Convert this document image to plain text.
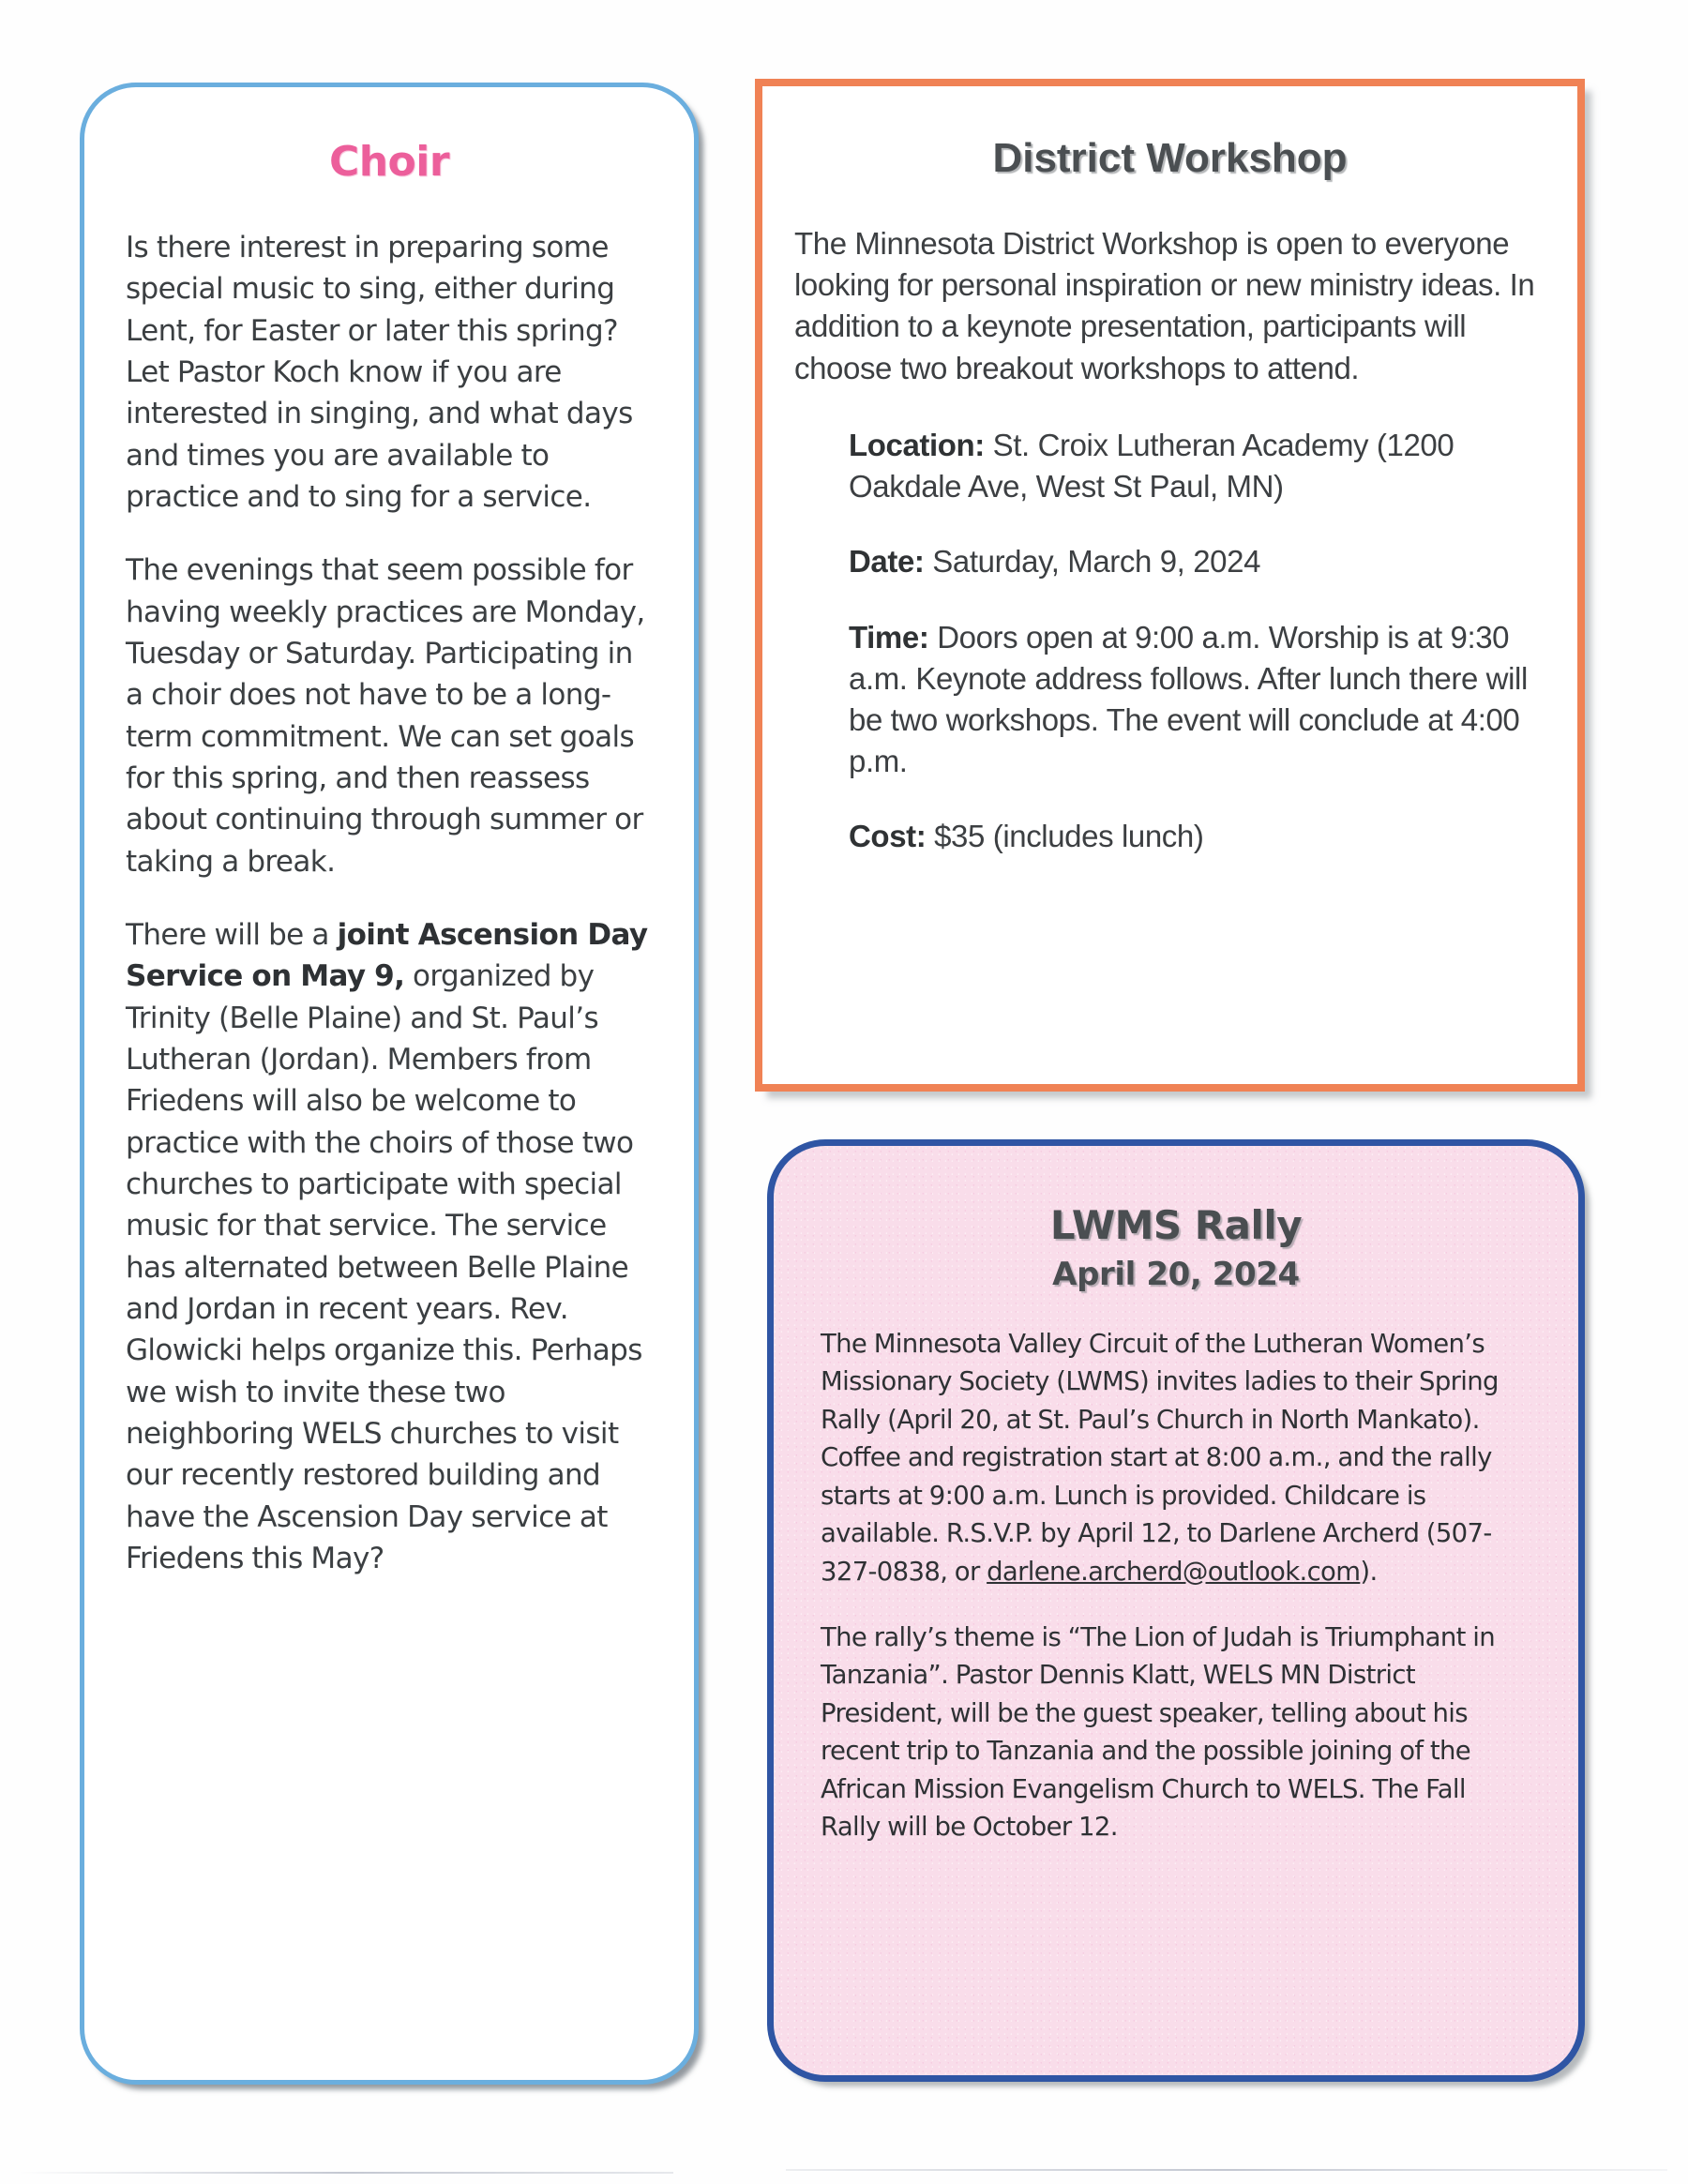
Choir

Is there interest in preparing some special music to sing, either during Lent, for Easter or later this spring? Let Pastor Koch know if you are interested in singing, and what days and times you are available to practice and to sing for a service.

The evenings that seem possible for having weekly practices are Monday, Tuesday or Saturday. Participating in a choir does not have to be a long-term commitment. We can set goals for this spring, and then reassess about continuing through summer or taking a break.

There will be a joint Ascension Day Service on May 9, organized by Trinity (Belle Plaine) and St. Paul’s Lutheran (Jordan). Members from Friedens will also be welcome to practice with the choirs of those two churches to participate with special music for that service. The service has alternated between Belle Plaine and Jordan in recent years. Rev. Glowicki helps organize this. Perhaps we wish to invite these two neighboring WELS churches to visit our recently restored building and have the Ascension Day service at Friedens this May?

District Workshop

The Minnesota District Workshop is open to everyone looking for personal inspiration or new ministry ideas. In addition to a keynote presentation, participants will choose two breakout workshops to attend.

Location: St. Croix Lutheran Academy (1200 Oakdale Ave, West St Paul, MN)

Date: Saturday, March 9, 2024

Time: Doors open at 9:00 a.m. Worship is at 9:30 a.m. Keynote address follows. After lunch there will be two workshops. The event will conclude at 4:00 p.m.

Cost: $35 (includes lunch)

LWMS Rally
April 20, 2024

The Minnesota Valley Circuit of the Lutheran Women’s Missionary Society (LWMS) invites ladies to their Spring Rally (April 20, at St. Paul’s Church in North Mankato). Coffee and registration start at 8:00 a.m., and the rally starts at 9:00 a.m. Lunch is provided. Childcare is available. R.S.V.P. by April 12, to Darlene Archerd (507-327-0838, or darlene.archerd@outlook.com).

The rally’s theme is “The Lion of Judah is Triumphant in Tanzania”. Pastor Dennis Klatt, WELS MN District President, will be the guest speaker, telling about his recent trip to Tanzania and the possible joining of the African Mission Evangelism Church to WELS. The Fall Rally will be October 12.
